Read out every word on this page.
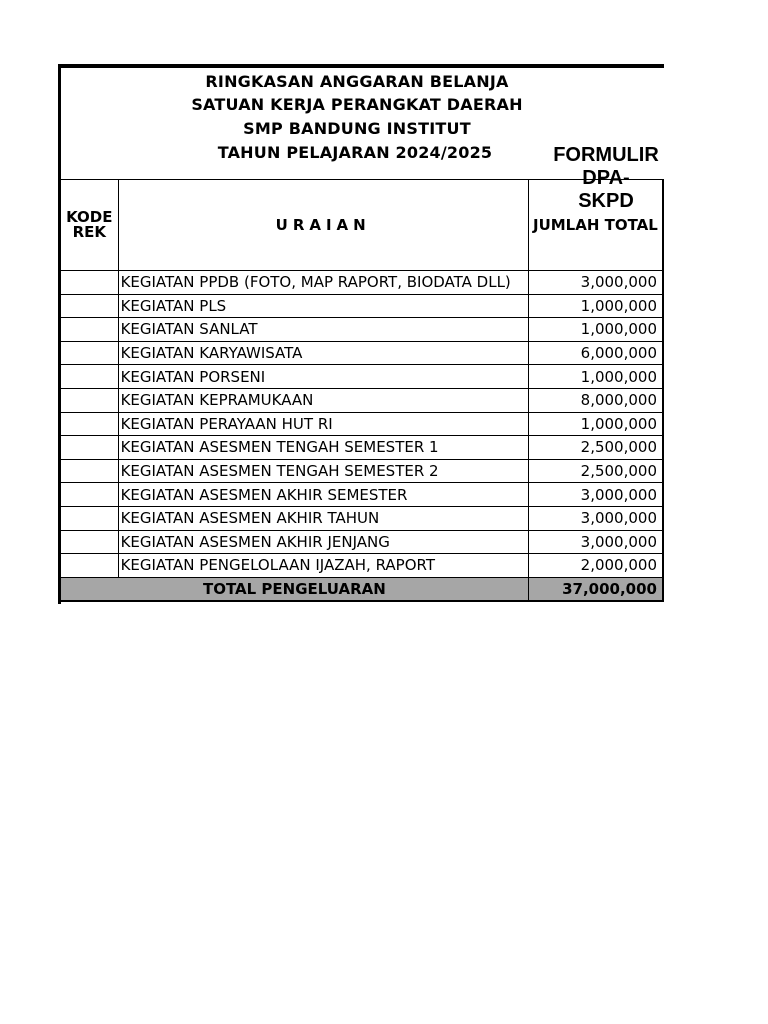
RINGKASAN ANGGARAN BELANJA
SATUAN KERJA PERANGKAT DAERAH
SMP BANDUNG INSTITUT
TAHUN PELAJARAN 2024/2025	FORMULIR
DPA-
SKPD
KODE
REK	URAIAN	JUMLAH TOTAL
	KEGIATAN PPDB (FOTO, MAP RAPORT, BIODATA DLL)	3,000,000
	KEGIATAN PLS	1,000,000
	KEGIATAN SANLAT	1,000,000
	KEGIATAN KARYAWISATA	6,000,000
	KEGIATAN PORSENI	1,000,000
	KEGIATAN KEPRAMUKAAN	8,000,000
	KEGIATAN PERAYAAN HUT RI	1,000,000
	KEGIATAN ASESMEN TENGAH SEMESTER 1	2,500,000
	KEGIATAN ASESMEN TENGAH SEMESTER 2	2,500,000
	KEGIATAN ASESMEN AKHIR SEMESTER	3,000,000
	KEGIATAN ASESMEN AKHIR TAHUN	3,000,000
	KEGIATAN ASESMEN AKHIR JENJANG	3,000,000
	KEGIATAN PENGELOLAAN IJAZAH, RAPORT	2,000,000
TOTAL PENGELUARAN		37,000,000
